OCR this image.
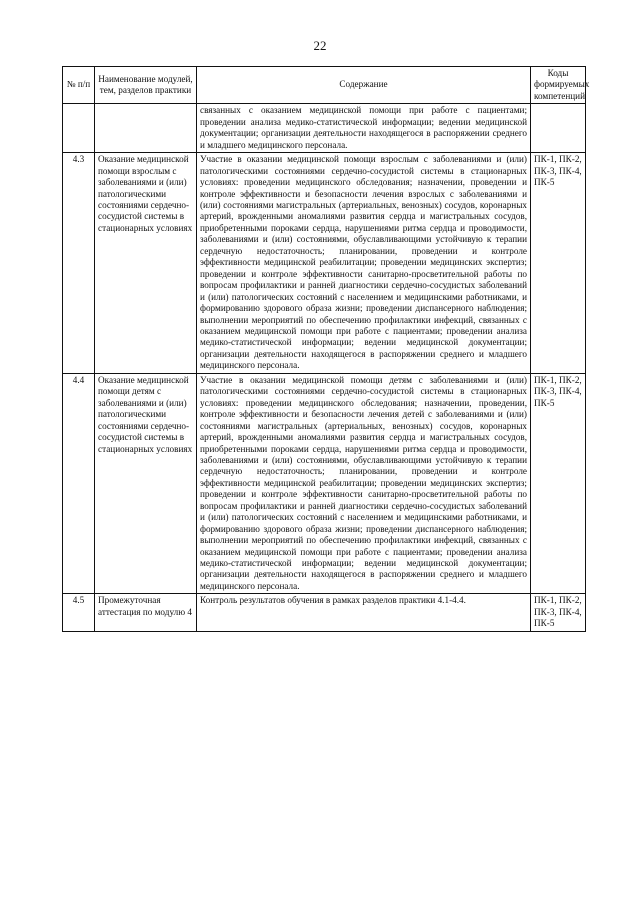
22
№ п/п	Наименование модулей, тем, разделов практики	Содержание	Коды формируемых компетенций
		связанных с оказанием медицинской помощи при работе с пациентами; проведении анализа медико-статистической информации; ведении медицинской документации; организации деятельности находящегося в распоряжении среднего и младшего медицинского персонала.	
4.3	Оказание медицинской помощи взрослым с заболеваниями и (или) патологическими состояниями сердечно-сосудистой системы в стационарных условиях	Участие в оказании медицинской помощи взрослым с заболеваниями и (или) патологическими состояниями сердечно-сосудистой системы в стационарных условиях: проведении медицинского обследования; назначении, проведении и контроле эффективности и безопасности лечения взрослых с заболеваниями и (или) состояниями магистральных (артериальных, венозных) сосудов, коронарных артерий, врожденными аномалиями развития сердца и магистральных сосудов, приобретенными пороками сердца, нарушениями ритма сердца и проводимости, заболеваниями и (или) состояниями, обуславливающими устойчивую к терапии сердечную недостаточность; планировании, проведении и контроле эффективности медицинской реабилитации; проведении медицинских экспертиз; проведении и контроле эффективности санитарно-просветительной работы по вопросам профилактики и ранней диагностики сердечно-сосудистых заболеваний и (или) патологических состояний с населением и медицинскими работниками, и формированию здорового образа жизни; проведении диспансерного наблюдения; выполнении мероприятий по обеспечению профилактики инфекций, связанных с оказанием медицинской помощи при работе с пациентами; проведении анализа медико-статистической информации; ведении медицинской документации; организации деятельности находящегося в распоряжении среднего и младшего медицинского персонала.	ПК-1, ПК-2, ПК-3, ПК-4, ПК-5
4.4	Оказание медицинской помощи детям с заболеваниями и (или) патологическими состояниями сердечно-сосудистой системы в стационарных условиях	Участие в оказании медицинской помощи детям с заболеваниями и (или) патологическими состояниями сердечно-сосудистой системы в стационарных условиях: проведении медицинского обследования; назначении, проведении, контроле эффективности и безопасности лечения детей с заболеваниями и (или) состояниями магистральных (артериальных, венозных) сосудов, коронарных артерий, врожденными аномалиями развития сердца и магистральных сосудов, приобретенными пороками сердца, нарушениями ритма сердца и проводимости, заболеваниями и (или) состояниями, обуславливающими устойчивую к терапии сердечную недостаточность; планировании, проведении и контроле эффективности медицинской реабилитации; проведении медицинских экспертиз; проведении и контроле эффективности санитарно-просветительной работы по вопросам профилактики и ранней диагностики сердечно-сосудистых заболеваний и (или) патологических состояний с населением и медицинскими работниками, и формированию здорового образа жизни; проведении диспансерного наблюдения; выполнении мероприятий по обеспечению профилактики инфекций, связанных с оказанием медицинской помощи при работе с пациентами; проведении анализа медико-статистической информации; ведении медицинской документации; организации деятельности находящегося в распоряжении среднего и младшего медицинского персонала.	ПК-1, ПК-2, ПК-3, ПК-4, ПК-5
4.5	Промежуточная аттестация по модулю 4	Контроль результатов обучения в рамках разделов практики 4.1-4.4.	ПК-1, ПК-2, ПК-3, ПК-4, ПК-5
